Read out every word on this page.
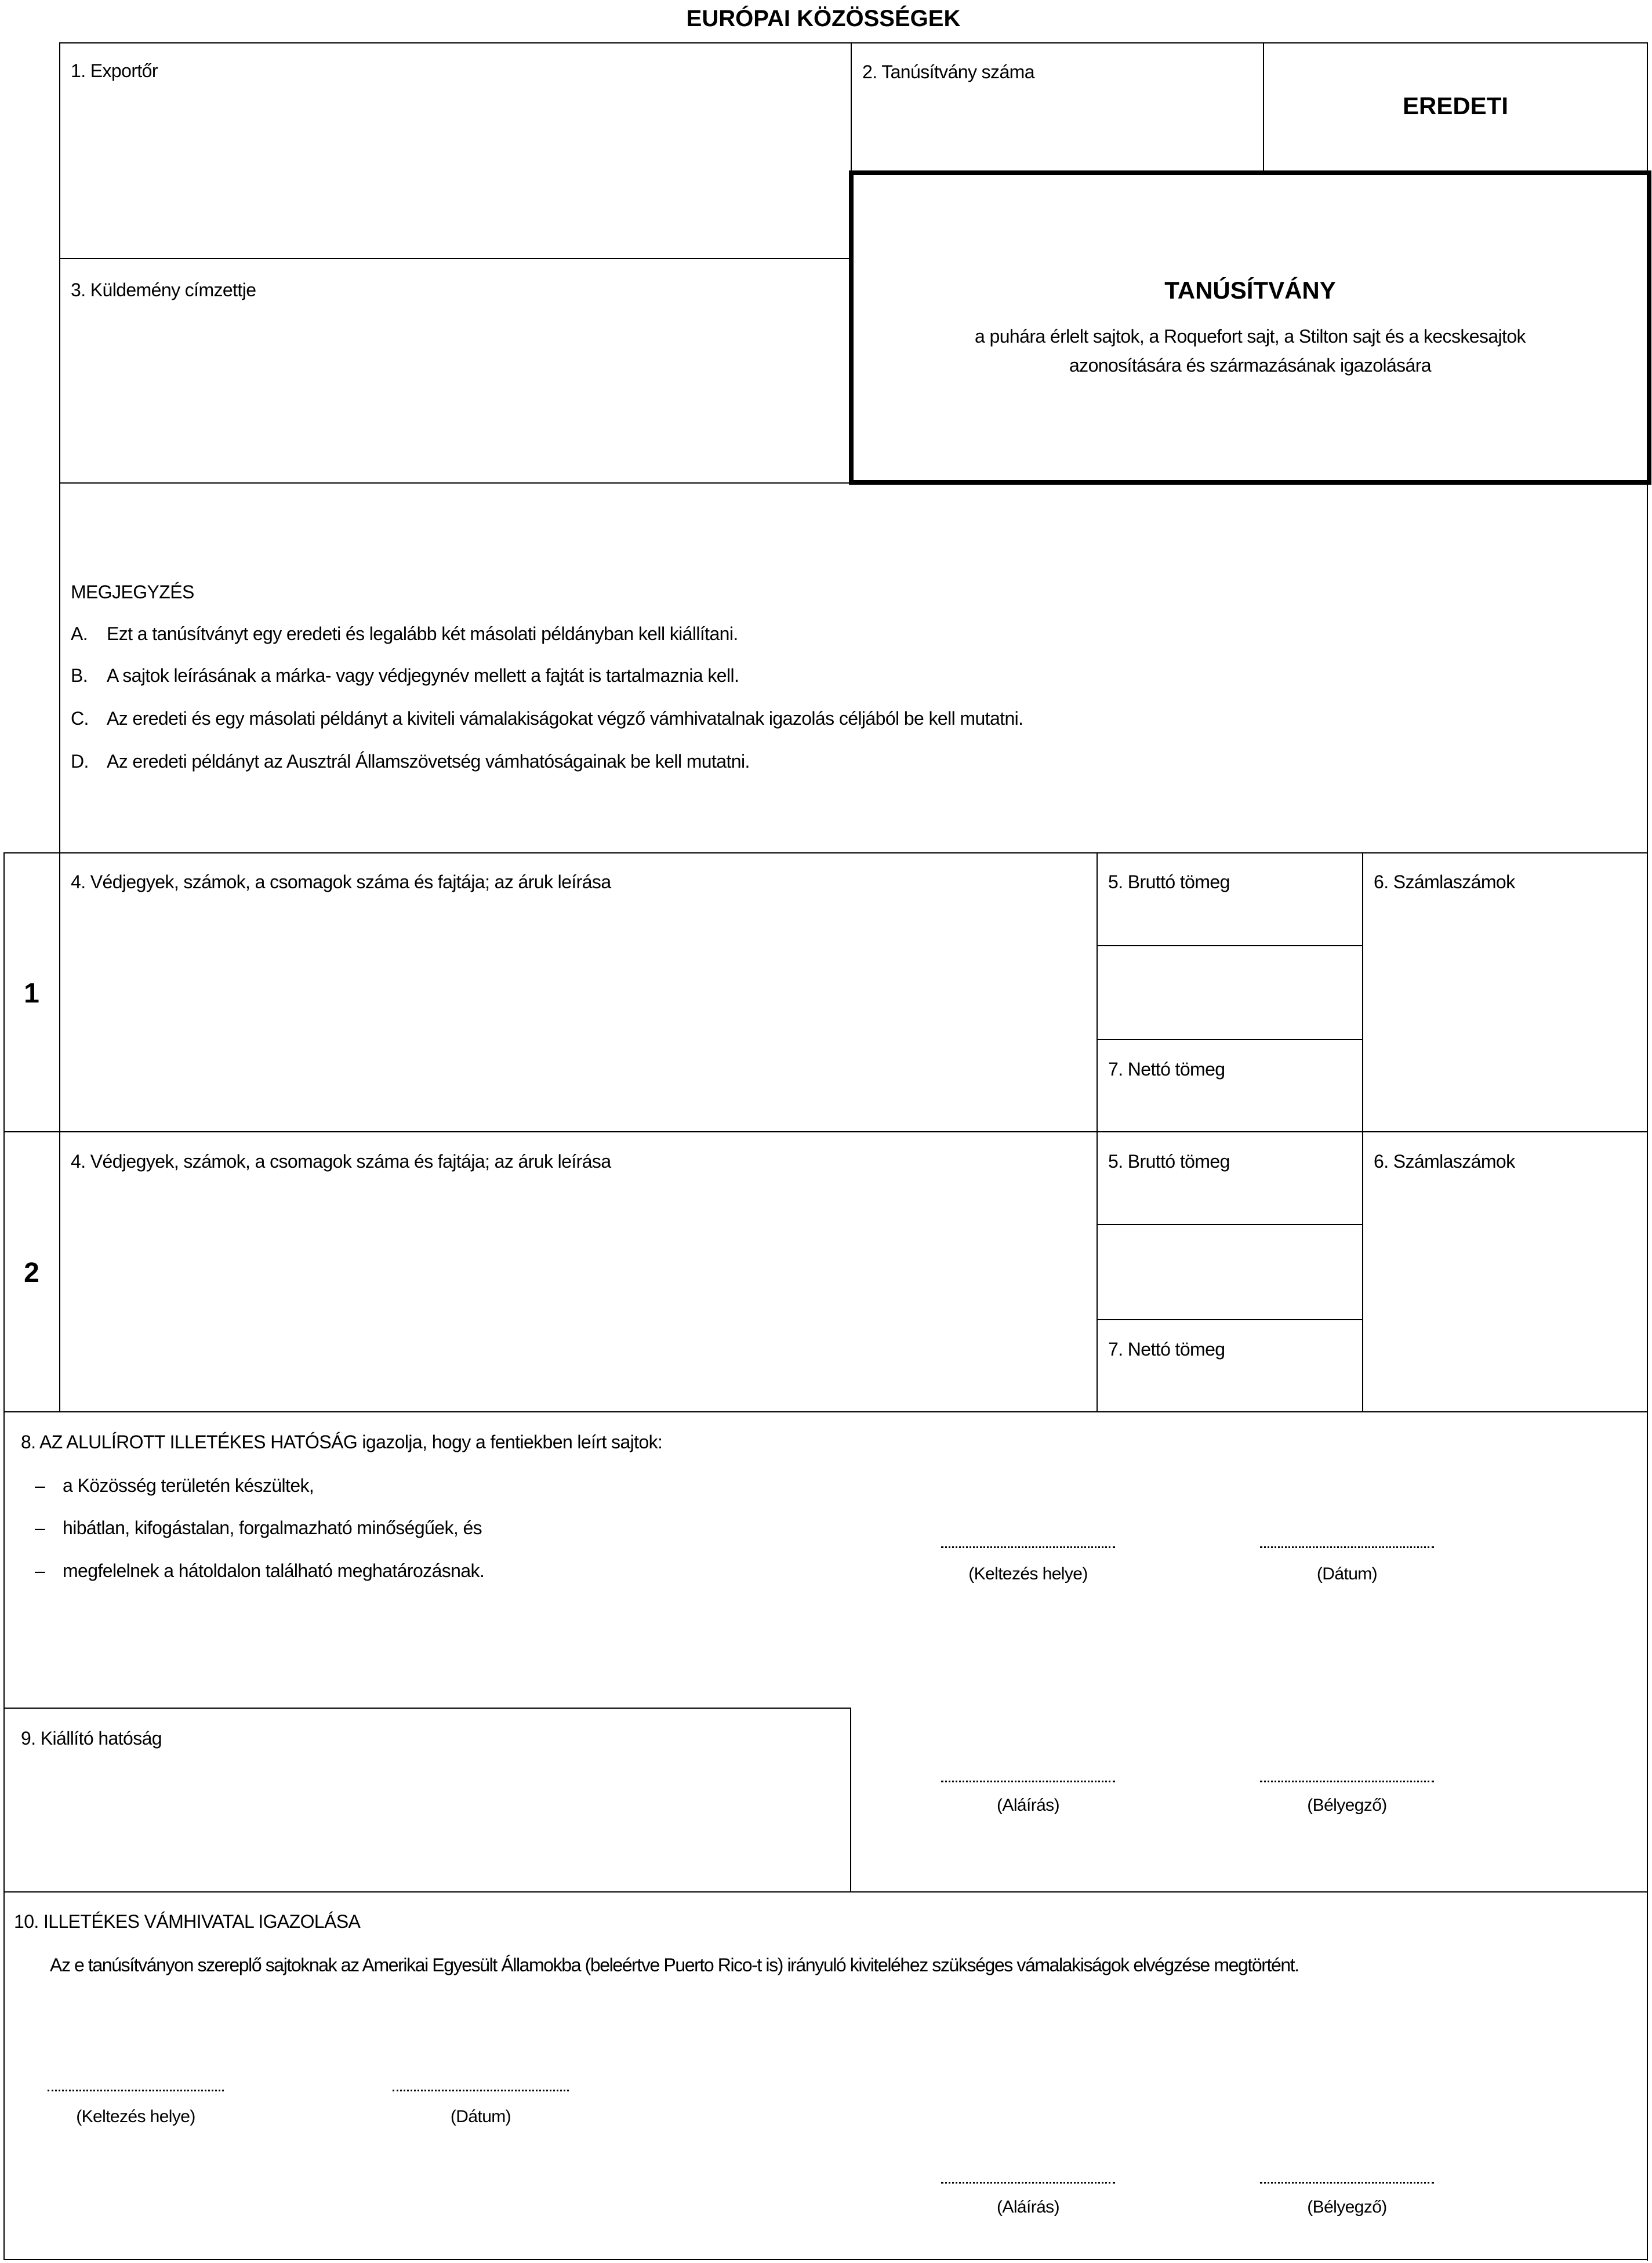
EURÓPAI KÖZÖSSÉGEK
1. Exportőr	2. Tanúsítvány száma
EREDETI
3. Küldemény címzettje	TANÚSÍTVÁNY
a puhára érlelt sajtok, a Roquefort sajt, a Stilton sajt és a kecskesajtok
azonosítására és származásának igazolására
MEGJEGYZÉS
A. Ezt a tanúsítványt egy eredeti és legalább két másolati példányban kell kiállítani.
B. A sajtok leírásának a márka- vagy védjegynév mellett a fajtát is tartalmaznia kell.
C. Az eredeti és egy másolati példányt a kiviteli vámalakiságokat végző vámhivatalnak igazolás céljából be kell mutatni.
D. Az eredeti példányt az Ausztrál Államszövetség vámhatóságainak be kell mutatni.
1
4. Védjegyek, számok, a csomagok száma és fajtája; az áruk leírása	5. Bruttó tömeg
7. Nettó tömeg
6. Számlaszámok
2
4. Védjegyek, számok, a csomagok száma és fajtája; az áruk leírása	5. Bruttó tömeg
7. Nettó tömeg
6. Számlaszámok
8. AZ ALULÍROTT ILLETÉKES HATÓSÁG igazolja, hogy a fentiekben leírt sajtok:
– a Közösség területén készültek,
– hibátlan, kifogástalan, forgalmazható minőségűek, és
– megfelelnek a hátoldalon található meghatározásnak.	(Keltezés helye)	(Dátum)
9. Kiállító hatóság
(Aláírás)	(Bélyegző)
10. ILLETÉKES VÁMHIVATAL IGAZOLÁSA
Az e tanúsítványon szereplő sajtoknak az Amerikai Egyesült Államokba (beleértve Puerto Rico-t is) irányuló kiviteléhez szükséges vámalakiságok elvégzése megtörtént.
(Keltezés helye)	(Dátum)
(Aláírás)	(Bélyegző)
